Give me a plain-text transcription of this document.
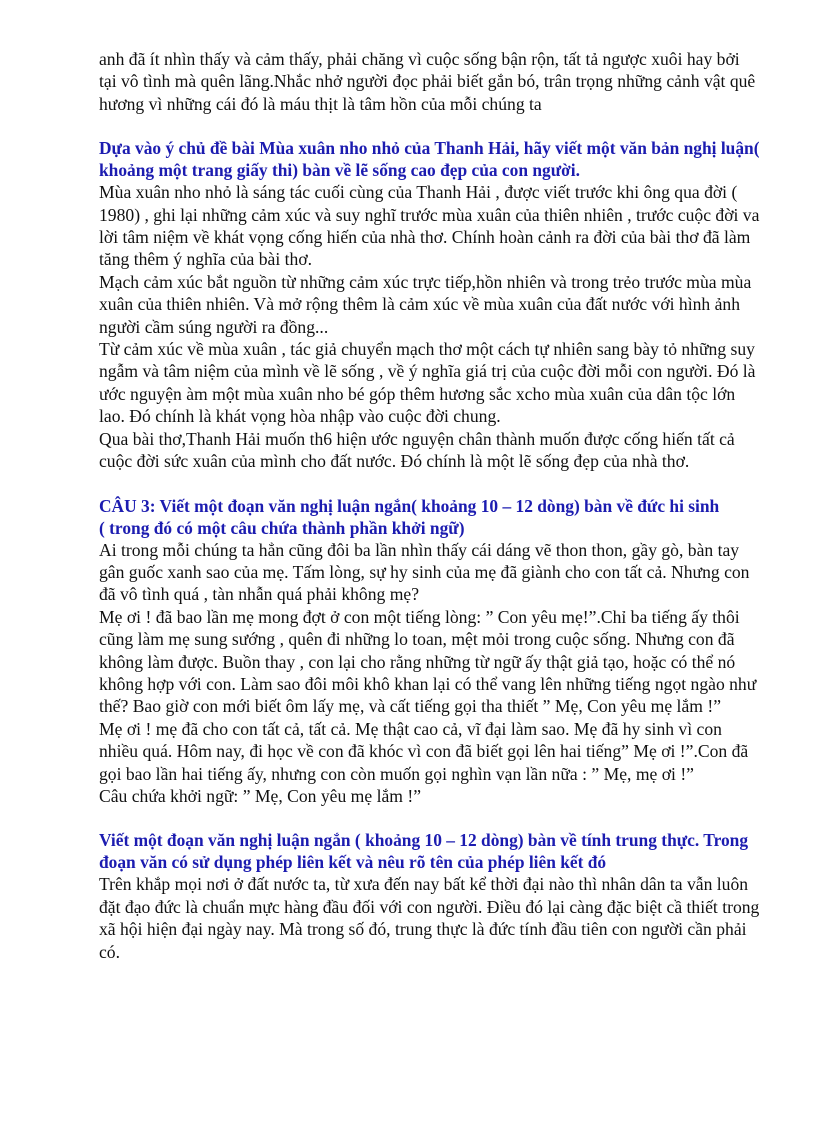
anh đã ít nhìn thấy và cảm thấy, phải chăng vì cuộc sống bận rộn, tất tả ngược xuôi hay bởi tại vô tình mà quên lãng.Nhắc nhở người đọc phải biết gắn bó, trân trọng những cảnh vật quê hương vì những cái đó là máu thịt là tâm hồn của mỗi chúng ta

Dựa vào ý chủ đề bài Mùa xuân nho nhỏ của Thanh Hải, hãy viết một văn bản nghị luận( khoảng một trang giấy thi) bàn về lẽ sống cao đẹp của con người.

Mùa xuân nho nhỏ là sáng tác cuối cùng của Thanh Hải , được viết trước khi ông qua đời ( 1980) , ghi lại những cảm xúc và suy nghĩ trước mùa xuân của thiên nhiên , trước cuộc đời va lời tâm niệm về khát vọng cống hiến của nhà thơ. Chính hoàn cảnh ra đời của bài thơ đã làm tăng thêm ý nghĩa của bài thơ.

Mạch cảm xúc bắt nguồn từ những cảm xúc trực tiếp,hồn nhiên và trong trẻo trước mùa mùa xuân của thiên nhiên. Và mở rộng thêm là cảm xúc về mùa xuân của đất nước với hình ảnh người cầm súng người ra đồng...

Từ cảm xúc về mùa xuân , tác giả chuyển mạch thơ một cách tự nhiên sang bày tỏ những suy ngẫm và tâm niệm của mình về lẽ sống , về ý nghĩa giá trị của cuộc đời mỗi con người. Đó là ước nguyện àm một mùa xuân nho bé góp thêm hương sắc xcho mùa xuân của dân tộc lớn lao. Đó chính là khát vọng hòa nhập vào cuộc đời chung.

Qua bài thơ,Thanh Hải muốn th6 hiện ước nguyện chân thành muốn được cống hiến tất cả cuộc đời sức xuân của mình cho đất nước. Đó chính là một lẽ sống đẹp của nhà thơ.

CÂU 3: Viết một đoạn văn nghị luận ngắn( khoảng 10 – 12 dòng) bàn về đức hi sinh

( trong đó có một câu chứa thành phần khởi ngữ)

Ai trong mỗi chúng ta hẳn cũng đôi ba lần nhìn thấy cái dáng vẽ thon thon, gầy gò, bàn tay gân guốc xanh sao của mẹ. Tấm lòng, sự hy sinh của mẹ đã giành cho con tất cả. Nhưng con đã vô tình quá , tàn nhẫn quá phải không mẹ?

Mẹ ơi ! đã bao lần mẹ mong đợt ở con một tiếng lòng: ” Con yêu mẹ!”.Chỉ ba tiếng ấy thôi cũng làm mẹ sung sướng , quên đi những lo toan, mệt mỏi trong cuộc sống. Nhưng con đã không làm được. Buồn thay , con lại cho rằng những từ ngữ ấy thật giả tạo, hoặc có thể nó không hợp với con. Làm sao đôi môi khô khan lại có thể vang lên những tiếng ngọt ngào như thế? Bao giờ con mới biết ôm lấy mẹ, và cất tiếng gọi tha thiết ” Mẹ, Con yêu mẹ lắm !”

Mẹ ơi ! mẹ đã cho con tất cả, tất cả. Mẹ thật cao cả, vĩ đại làm sao. Mẹ đã hy sinh vì con nhiều quá. Hôm nay, đi học về con đã khóc vì con đã biết gọi lên hai tiếng” Mẹ ơi !”.Con đã gọi bao lần hai tiếng ấy, nhưng con còn muốn gọi nghìn vạn lần nữa : ” Mẹ, mẹ ơi !”

Câu chứa khởi ngữ: ” Mẹ, Con yêu mẹ lắm !”

Viết một đoạn văn nghị luận ngắn ( khoảng 10 – 12 dòng) bàn về tính trung thực. Trong đoạn văn có sử dụng phép liên kết và nêu rõ tên của phép liên kết đó

Trên khắp mọi nơi ở đất nước ta, từ xưa đến nay bất kể thời đại nào thì nhân dân ta vẫn luôn đặt đạo đức là chuẩn mực hàng đầu đối với con người. Điều đó lại càng đặc biệt cầ thiết trong xã hội hiện đại ngày nay. Mà trong số đó, trung thực là đức tính đầu tiên con người cần phải có.
